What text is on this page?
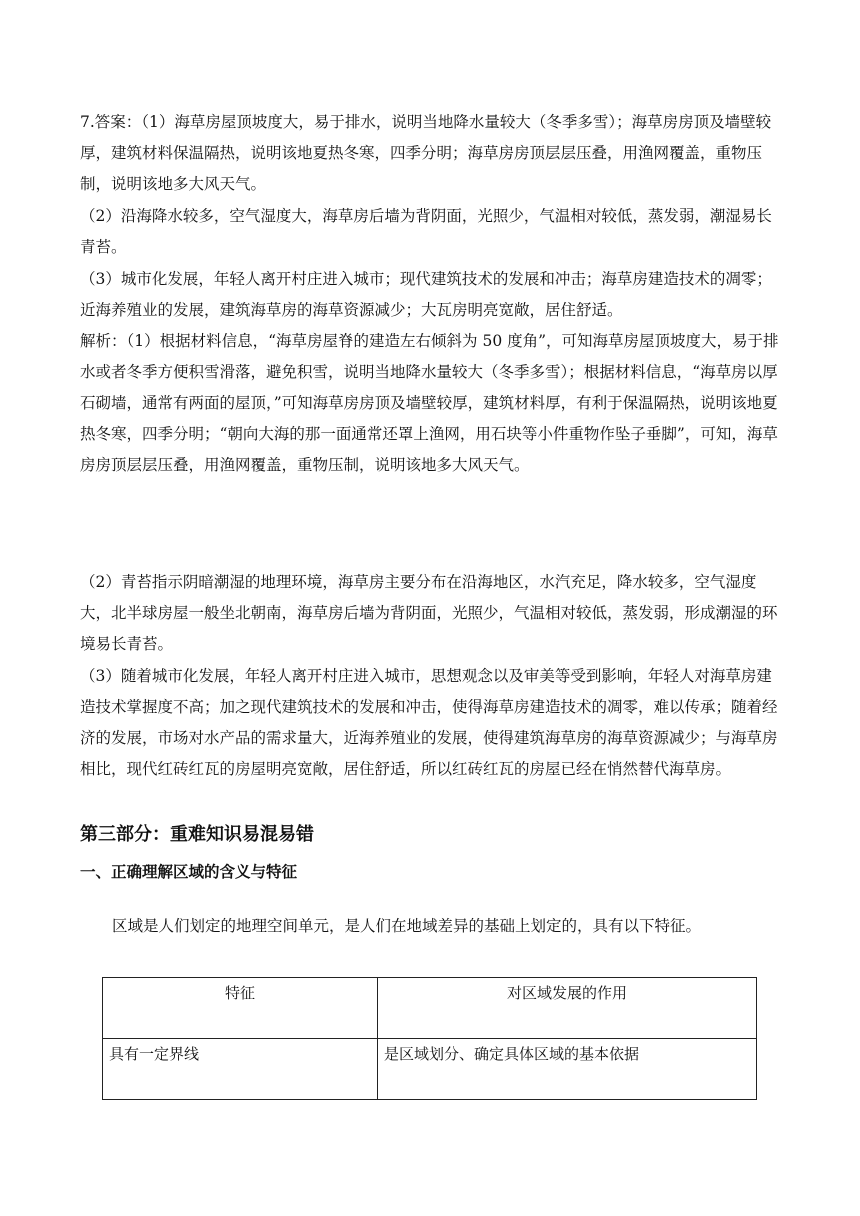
7.答案：（1）海草房屋顶坡度大，易于排水，说明当地降水量较大（冬季多雪）；海草房房顶及墙壁较厚，建筑材料保温隔热，说明该地夏热冬寒，四季分明；海草房房顶层层压叠，用渔网覆盖，重物压制，说明该地多大风天气。
（2）沿海降水较多，空气湿度大，海草房后墙为背阴面，光照少，气温相对较低，蒸发弱，潮湿易长青苔。
（3）城市化发展，年轻人离开村庄进入城市；现代建筑技术的发展和冲击；海草房建造技术的凋零；近海养殖业的发展，建筑海草房的海草资源减少；大瓦房明亮宽敞，居住舒适。
解析：（1）根据材料信息，“海草房屋脊的建造左右倾斜为 50 度角”，可知海草房屋顶坡度大，易于排水或者冬季方便积雪滑落，避免积雪，说明当地降水量较大（冬季多雪）；根据材料信息，“海草房以厚石砌墙，通常有两面的屋顶，”可知海草房房顶及墙壁较厚，建筑材料厚，有利于保温隔热，说明该地夏热冬寒，四季分明；“朝向大海的那一面通常还罩上渔网，用石块等小件重物作坠子垂脚”，可知，海草房房顶层层压叠，用渔网覆盖，重物压制，说明该地多大风天气。
（2）青苔指示阴暗潮湿的地理环境，海草房主要分布在沿海地区，水汽充足，降水较多，空气湿度大，北半球房屋一般坐北朝南，海草房后墙为背阴面，光照少，气温相对较低，蒸发弱，形成潮湿的环境易长青苔。
（3）随着城市化发展，年轻人离开村庄进入城市，思想观念以及审美等受到影响，年轻人对海草房建造技术掌握度不高；加之现代建筑技术的发展和冲击，使得海草房建造技术的凋零，难以传承；随着经济的发展，市场对水产品的需求量大，近海养殖业的发展，使得建筑海草房的海草资源减少；与海草房相比，现代红砖红瓦的房屋明亮宽敞，居住舒适，所以红砖红瓦的房屋已经在悄然替代海草房。
第三部分：重难知识易混易错
一、正确理解区域的含义与特征
区域是人们划定的地理空间单元，是人们在地域差异的基础上划定的，具有以下特征。
特征	对区域发展的作用
具有一定界线	是区域划分、确定具体区域的基本依据
